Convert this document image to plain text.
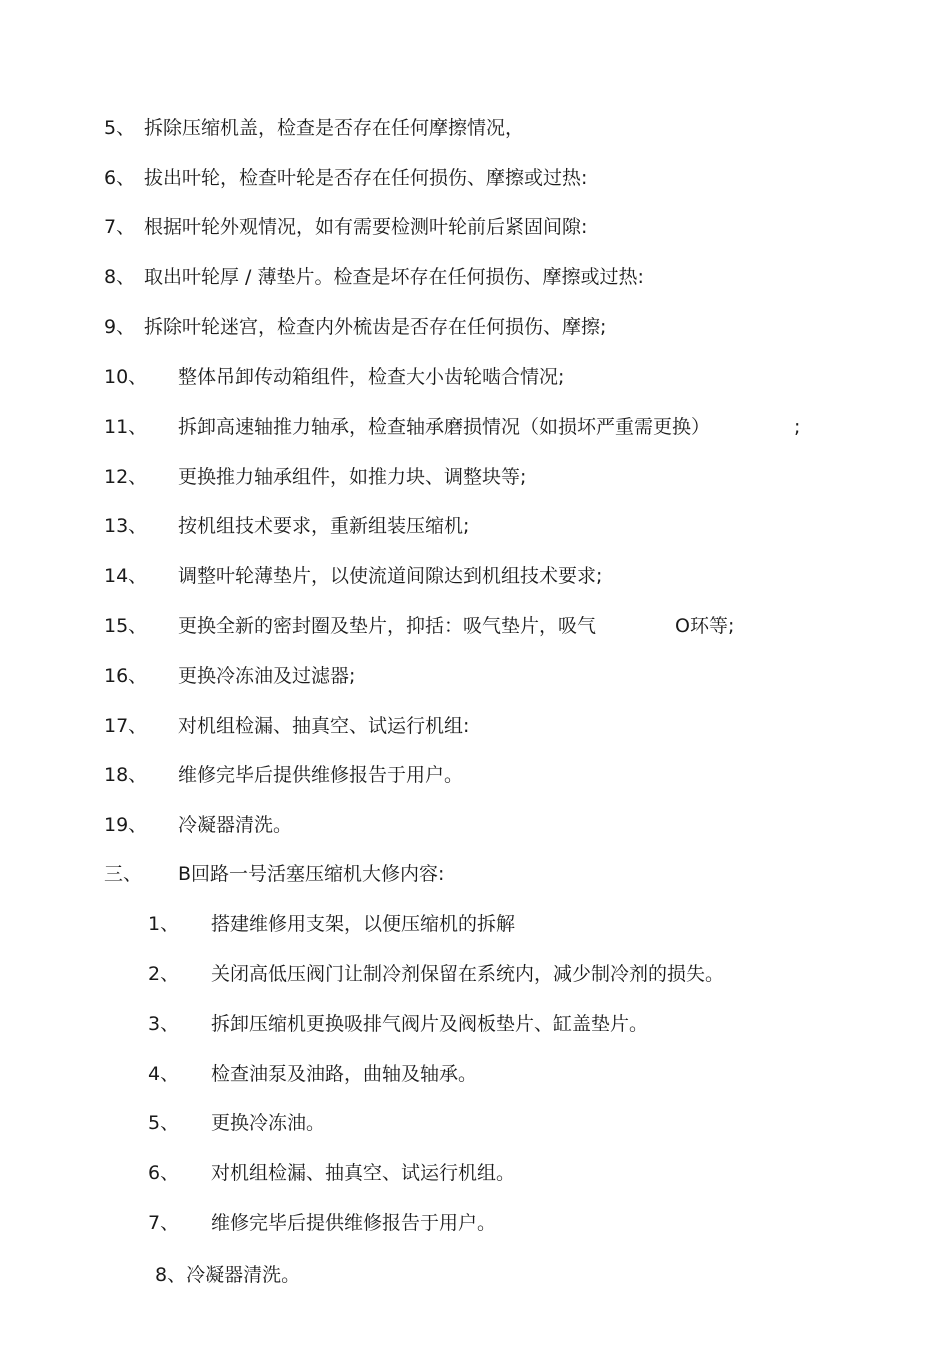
5、 拆除压缩机盖，检查是否存在任何摩擦情况，
6、 拔出叶轮，检查叶轮是否存在任何损伤、摩擦或过热:
7、 根据叶轮外观情况，如有需要检测叶轮前后紧固间隙:
8、 取出叶轮厚 / 薄垫片。检查是坏存在任何损伤、摩擦或过热:
9、 拆除叶轮迷宫，检查内外梳齿是否存在任何损伤、摩擦;
10、 整体吊卸传动箱组件，检查大小齿轮啮合情况;
11、 拆卸高速轴推力轴承，检查轴承磨损情况（如损坏严重需更换）	;
12、 更换推力轴承组件，如推力块、调整块等;
13、 按机组技术要求，重新组装压缩机;
14、 调整叶轮薄垫片，以使流道间隙达到机组技术要求;
15、 更换全新的密封圈及垫片，抑括：吸气垫片，吸气	O环等;
16、 更换冷冻油及过滤器;
17、 对机组检漏、抽真空、试运行机组:
18、 维修完毕后提供维修报告于用户。
19、 冷凝器清洗。
三、 B回路一号活塞压缩机大修内容:
1、 搭建维修用支架，以便压缩机的拆解
2、 关闭高低压阀门让制冷剂保留在系统内，减少制冷剂的损失。
3、 拆卸压缩机更换吸排气阀片及阀板垫片、缸盖垫片。
4、 检查油泵及油路，曲轴及轴承。
5、 更换冷冻油。
6、 对机组检漏、抽真空、试运行机组。
7、 维修完毕后提供维修报告于用户。
8、冷凝器清洗。
